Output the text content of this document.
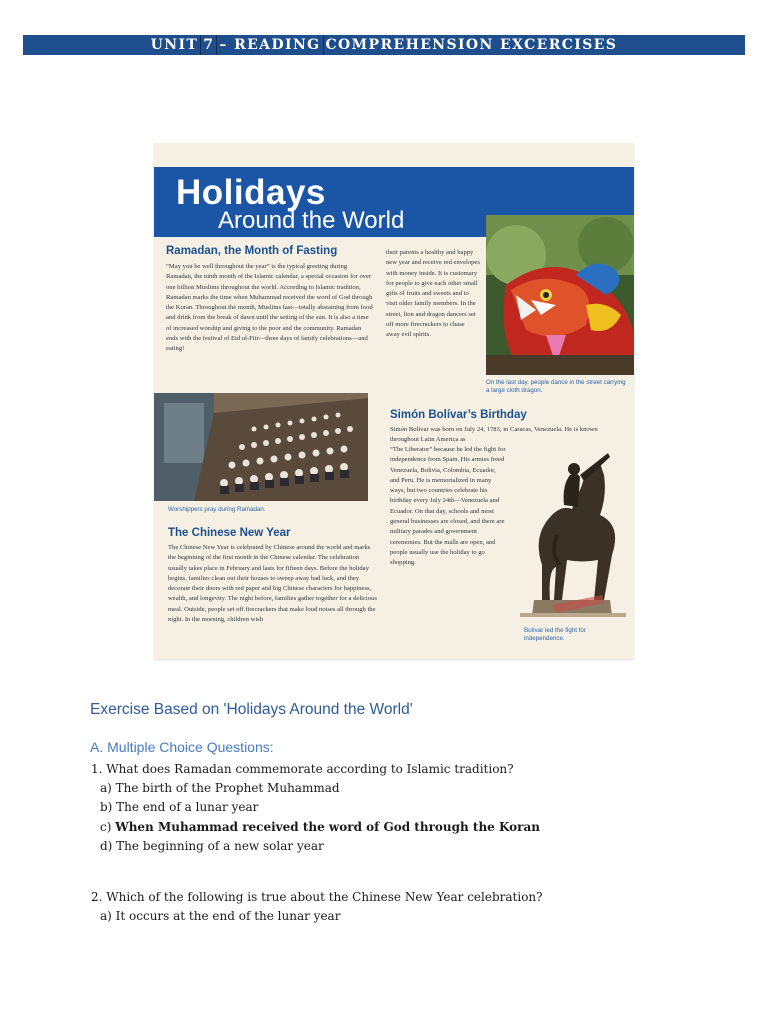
UNIT 7 – READING COMPREHENSION EXCERCISES
Holidays
Around the World
Ramadan, the Month of Fasting
“May you be well throughout the year” is the typical greeting during Ramadan, the ninth month of the Islamic calendar, a special occasion for over one billion Muslims throughout the world. According to Islamic tradition, Ramadan marks the time when Muhammad received the word of God through the Koran. Throughout the month, Muslims fast—totally abstaining from food and drink from the break of dawn until the setting of the sun. It is also a time of increased worship and giving to the poor and the community. Ramadan ends with the festival of Eid ul-Fitr—three days of family celebrations—and eating!
their parents a healthy and happy new year and receive red envelopes with money inside. It is customary for people to give each other small gifts of fruits and sweets and to visit older family members. In the street, lion and dragon dancers set off more firecrackers to chase away evil spirits.
On the last day, people dance in the street carrying a large cloth dragon.
Worshippers pray during Ramadan.
The Chinese New Year
The Chinese New Year is celebrated by Chinese around the world and marks the beginning of the first month in the Chinese calendar. The celebration usually takes place in February and lasts for fifteen days. Before the holiday begins, families clean out their houses to sweep away bad luck, and they decorate their doors with red paper and big Chinese characters for happiness, wealth, and longevity. The night before, families gather together for a delicious meal. Outside, people set off firecrackers that make loud noises all through the night. In the morning, children wish
Simón Bolívar’s Birthday
Simón Bolívar was born on July 24, 1783, in Caracas, Venezuela. He is known throughout Latin America as
“The Liberator” because he led the fight for independence from Spain. His armies freed Venezuela, Bolivia, Colombia, Ecuador, and Peru. He is memorialized in many ways, but two countries celebrate his birthday every July 24th—Venezuela and Ecuador. On that day, schools and most general businesses are closed, and there are military parades and government ceremonies. But the malls are open, and people usually use the holiday to go shopping.
Bolívar led the fight for independence.
Exercise Based on 'Holidays Around the World'
A. Multiple Choice Questions:
1. What does Ramadan commemorate according to Islamic tradition?
a) The birth of the Prophet Muhammad
b) The end of a lunar year
c) When Muhammad received the word of God through the Koran
d) The beginning of a new solar year
2. Which of the following is true about the Chinese New Year celebration?
a) It occurs at the end of the lunar year
